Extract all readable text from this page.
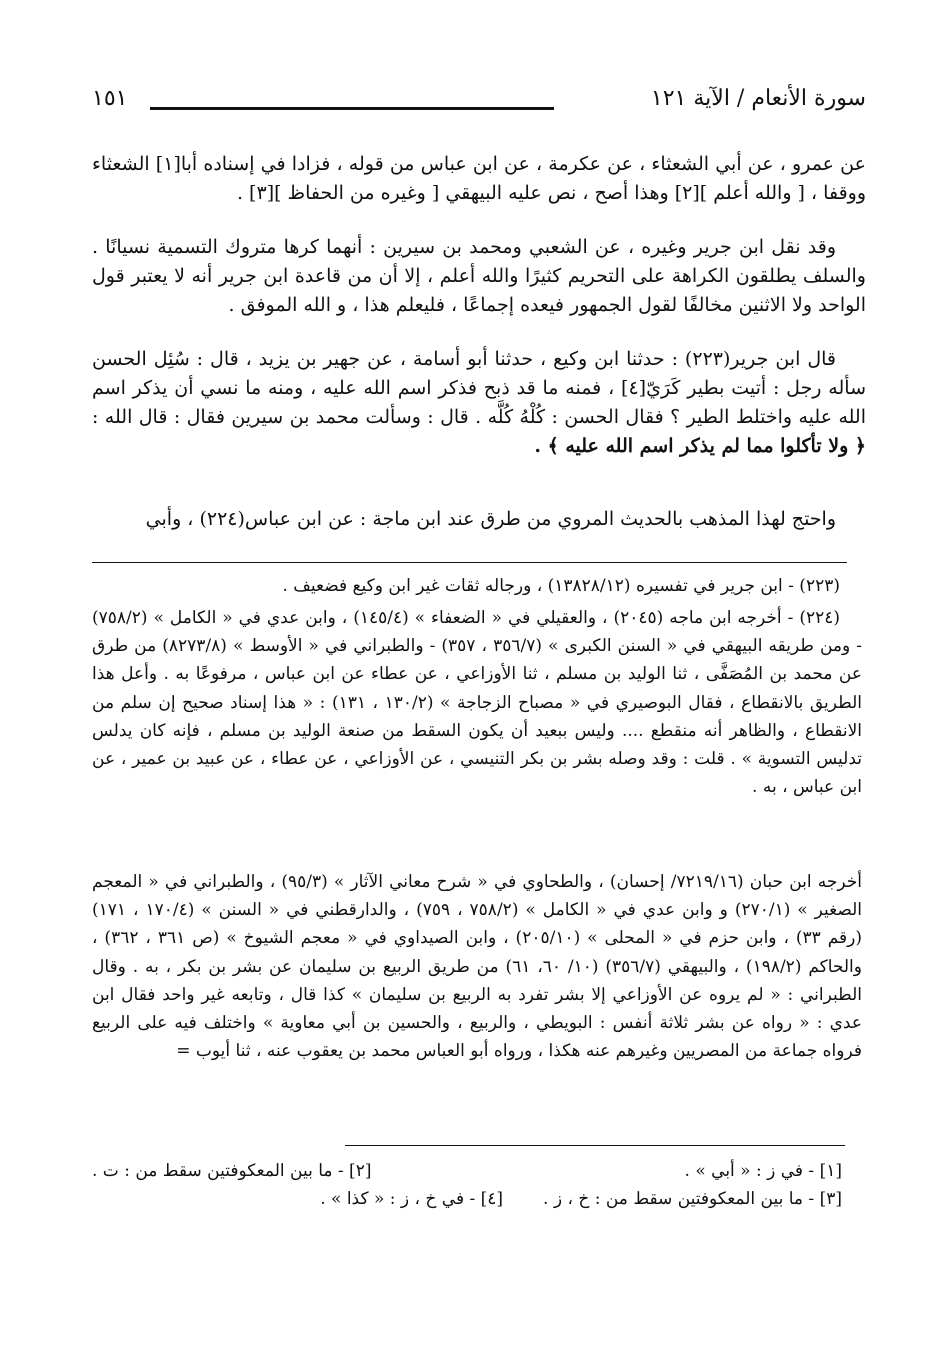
سورة الأنعام / الآية ١٢١
١٥١

عن عمرو ، عن أبي الشعثاء ، عن عكرمة ، عن ابن عباس من قوله ، فزادا في إسناده أبا[١] الشعثاء ووقفا ، [ والله أعلم ][٢] وهذا أصح ، نص عليه البيهقي [ وغيره من الحفاظ ][٣] .

وقد نقل ابن جرير وغيره ، عن الشعبي ومحمد بن سيرين : أنهما كرها متروك التسمية نسيانًا . والسلف يطلقون الكراهة على التحريم كثيرًا والله أعلم ، إلا أن من قاعدة ابن جرير أنه لا يعتبر قول الواحد ولا الاثنين مخالفًا لقول الجمهور فيعده إجماعًا ، فليعلم هذا ، و الله الموفق .

قال ابن جرير(٢٢٣) : حدثنا ابن وكيع ، حدثنا أبو أسامة ، عن جهير بن يزيد ، قال : سُئِل الحسن سأله رجل : أتيت بطير كَرَيّ[٤] ، فمنه ما قد ذبح فذكر اسم الله عليه ، ومنه ما نسي أن يذكر اسم الله عليه واختلط الطير ؟ فقال الحسن : كُلْهُ كُلَّه . قال : وسألت محمد بن سيرين فقال : قال الله : ﴿ ولا تأكلوا مما لم يذكر اسم الله عليه ﴾ .

واحتج لهذا المذهب بالحديث المروي من طرق عند ابن ماجة : عن ابن عباس(٢٢٤) ، وأبي

(٢٢٣) - ابن جرير في تفسيره (١٣٨٢٨/١٢) ، ورجاله ثقات غير ابن وكيع فضعيف .

(٢٢٤) - أخرجه ابن ماجه (٢٠٤٥) ، والعقيلي في « الضعفاء » (١٤٥/٤) ، وابن عدي في « الكامل » (٧٥٨/٢) - ومن طريقه البيهقي في « السنن الكبرى » (٣٥٦/٧ ، ٣٥٧) - والطبراني في « الأوسط » (٨٢٧٣/٨) من طرق عن محمد بن المُصَفَّى ، ثنا الوليد بن مسلم ، ثنا الأوزاعي ، عن عطاء عن ابن عباس ، مرفوعًا به . وأعل هذا الطريق بالانقطاع ، فقال البوصيري في « مصباح الزجاجة » (١٣٠/٢ ، ١٣١) : « هذا إسناد صحيح إن سلم من الانقطاع ، والظاهر أنه منقطع .... وليس ببعيد أن يكون السقط من صنعة الوليد بن مسلم ، فإنه كان يدلس تدليس التسوية » . قلت : وقد وصله بشر بن بكر التنيسي ، عن الأوزاعي ، عن عطاء ، عن عبيد بن عمير ، عن ابن عباس ، به .

أخرجه ابن حبان (٧٢١٩/١٦/ إحسان) ، والطحاوي في « شرح معاني الآثار » (٩٥/٣) ، والطبراني في « المعجم الصغير » (٢٧٠/١) و وابن عدي في « الكامل » (٧٥٨/٢ ، ٧٥٩) ، والدارقطني في « السنن » (١٧٠/٤ ، ١٧١) (رقم ٣٣) ، وابن حزم في « المحلى » (٢٠٥/١٠) ، وابن الصيداوي في « معجم الشيوخ » (ص ٣٦١ ، ٣٦٢) ، والحاكم (١٩٨/٢) ، والبيهقي (٣٥٦/٧) (١٠/ ٦٠، ٦١) من طريق الربيع بن سليمان عن بشر بن بكر ، به . وقال الطبراني : « لم يروه عن الأوزاعي إلا بشر تفرد به الربيع بن سليمان » كذا قال ، وتابعه غير واحد فقال ابن عدي : « رواه عن بشر ثلاثة أنفس : البويطي ، والربيع ، والحسين بن أبي معاوية » واختلف فيه على الربيع فرواه جماعة من المصريين وغيرهم عنه هكذا ، ورواه أبو العباس محمد بن يعقوب عنه ، ثنا أيوب =

[١] - في ز : « أبي » .
[٢] - ما بين المعكوفتين سقط من : ت .
[٣] - ما بين المعكوفتين سقط من : خ ، ز .
[٤] - في خ ، ز : « كذا » .
